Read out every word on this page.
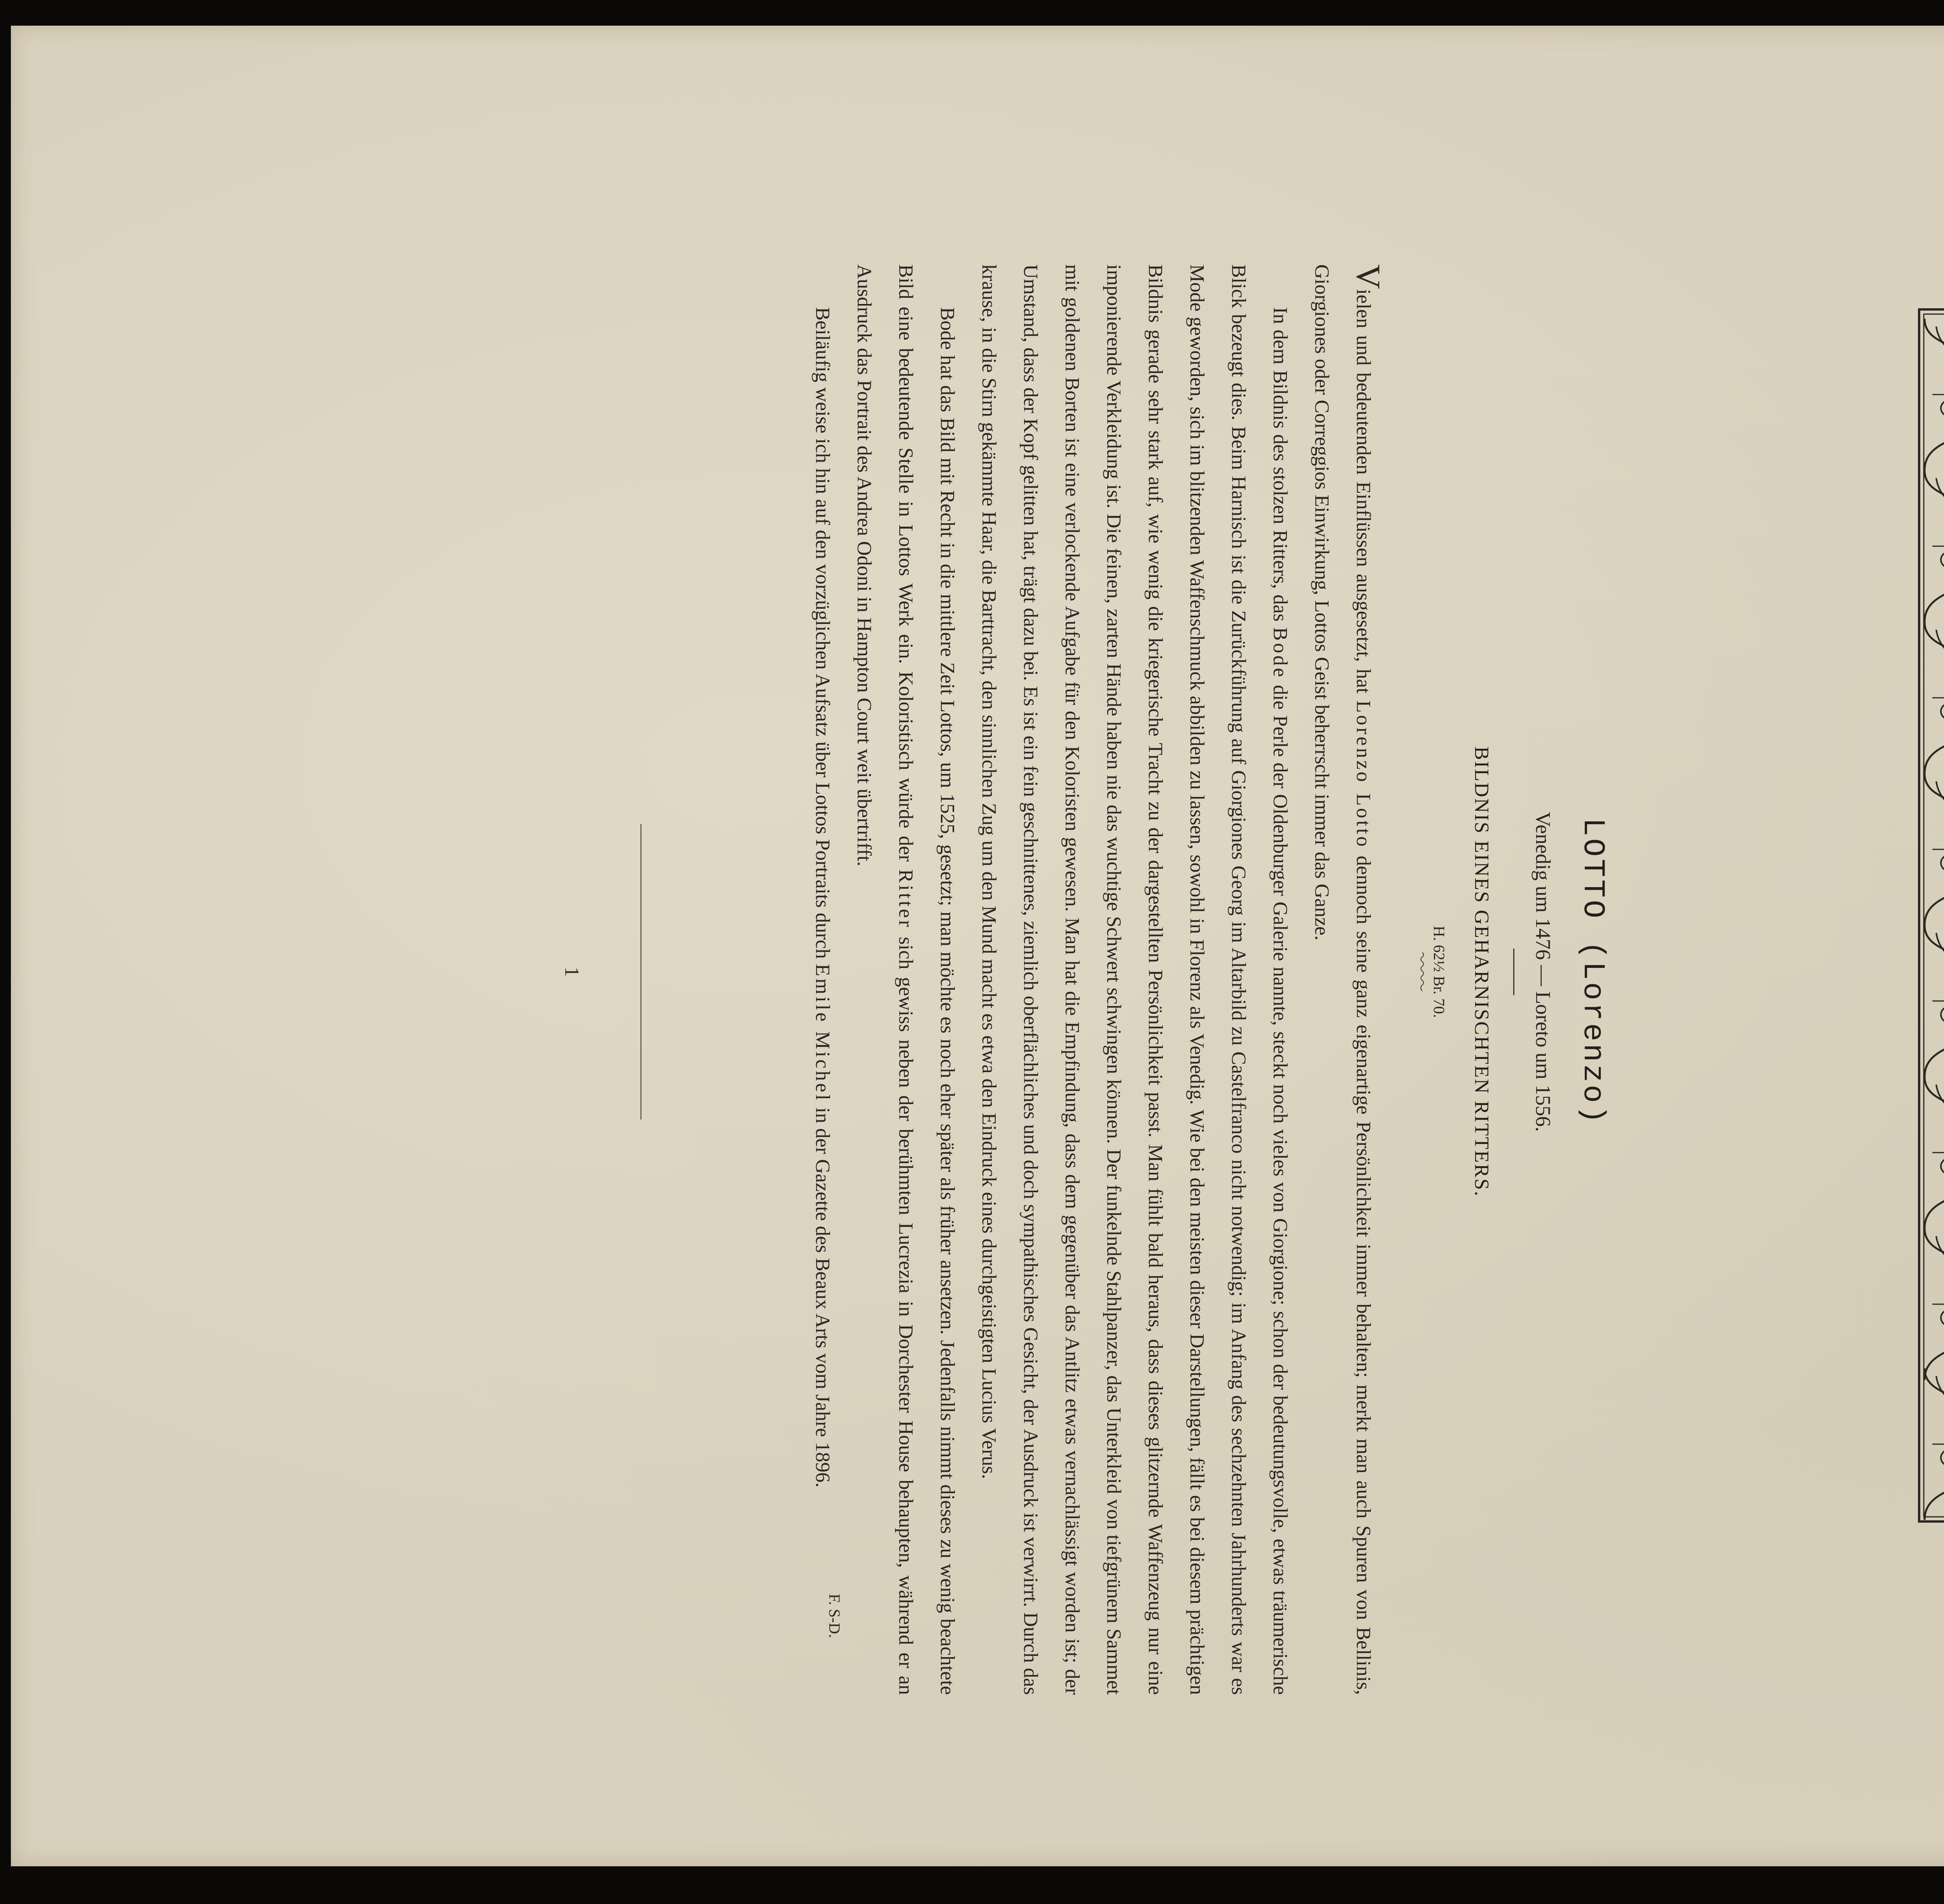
LOTTO (Lorenzo)
Venedig um 1476 — Loreto um 1556.
BILDNIS EINES GEHARNISCHTEN RITTERS.
H. 62½ Br. 70.

Vielen und bedeutenden Einflüssen ausgesetzt, hat Lorenzo Lotto dennoch seine ganz eigenartige Persönlichkeit immer behalten; merkt man auch Spuren von Bellinis, Giorgiones oder Correggios Einwirkung, Lottos Geist beherrscht immer das Ganze.

In dem Bildnis des stolzen Ritters, das Bode die Perle der Oldenburger Galerie nannte, steckt noch vieles von Giorgione; schon der bedeutungsvolle, etwas träumerische Blick bezeugt dies. Beim Harnisch ist die Zurückführung auf Giorgiones Georg im Altarbild zu Castelfranco nicht notwendig; im Anfang des sechzehnten Jahrhunderts war es Mode geworden, sich im blitzenden Waffenschmuck abbilden zu lassen, sowohl in Florenz als Venedig. Wie bei den meisten dieser Darstellungen, fällt es bei diesem prächtigen Bildnis gerade sehr stark auf, wie wenig die kriegerische Tracht zu der dargestellten Persönlichkeit passt. Man fühlt bald heraus, dass dieses glitzernde Waffenzeug nur eine imponierende Verkleidung ist. Die feinen, zarten Hände haben nie das wuchtige Schwert schwingen können. Der funkelnde Stahlpanzer, das Unterkleid von tiefgrünem Sammet mit goldenen Borten ist eine verlockende Aufgabe für den Koloristen gewesen. Man hat die Empfindung, dass dem gegenüber das Antlitz etwas vernachlässigt worden ist; der Umstand, dass der Kopf gelitten hat, trägt dazu bei. Es ist ein fein geschnittenes, ziemlich oberflächliches und doch sympathisches Gesicht, der Ausdruck ist verwirrt. Durch das krause, in die Stirn gekämmte Haar, die Barttracht, den sinnlichen Zug um den Mund macht es etwa den Eindruck eines durchgeistigten Lucius Verus.

Bode hat das Bild mit Recht in die mittlere Zeit Lottos, um 1525, gesetzt; man möchte es noch eher später als früher ansetzen. Jedenfalls nimmt dieses zu wenig beachtete Bild eine bedeutende Stelle in Lottos Werk ein. Koloristisch würde der Ritter sich gewiss neben der berühmten Lucrezia in Dorchester House behaupten, während er an Ausdruck das Portrait des Andrea Odoni in Hampton Court weit übertrifft.

Beiläufig weise ich hin auf den vorzüglichen Aufsatz über Lottos Portraits durch Emile Michel in der Gazette des Beaux Arts vom Jahre 1896.

F. S-D.
1
